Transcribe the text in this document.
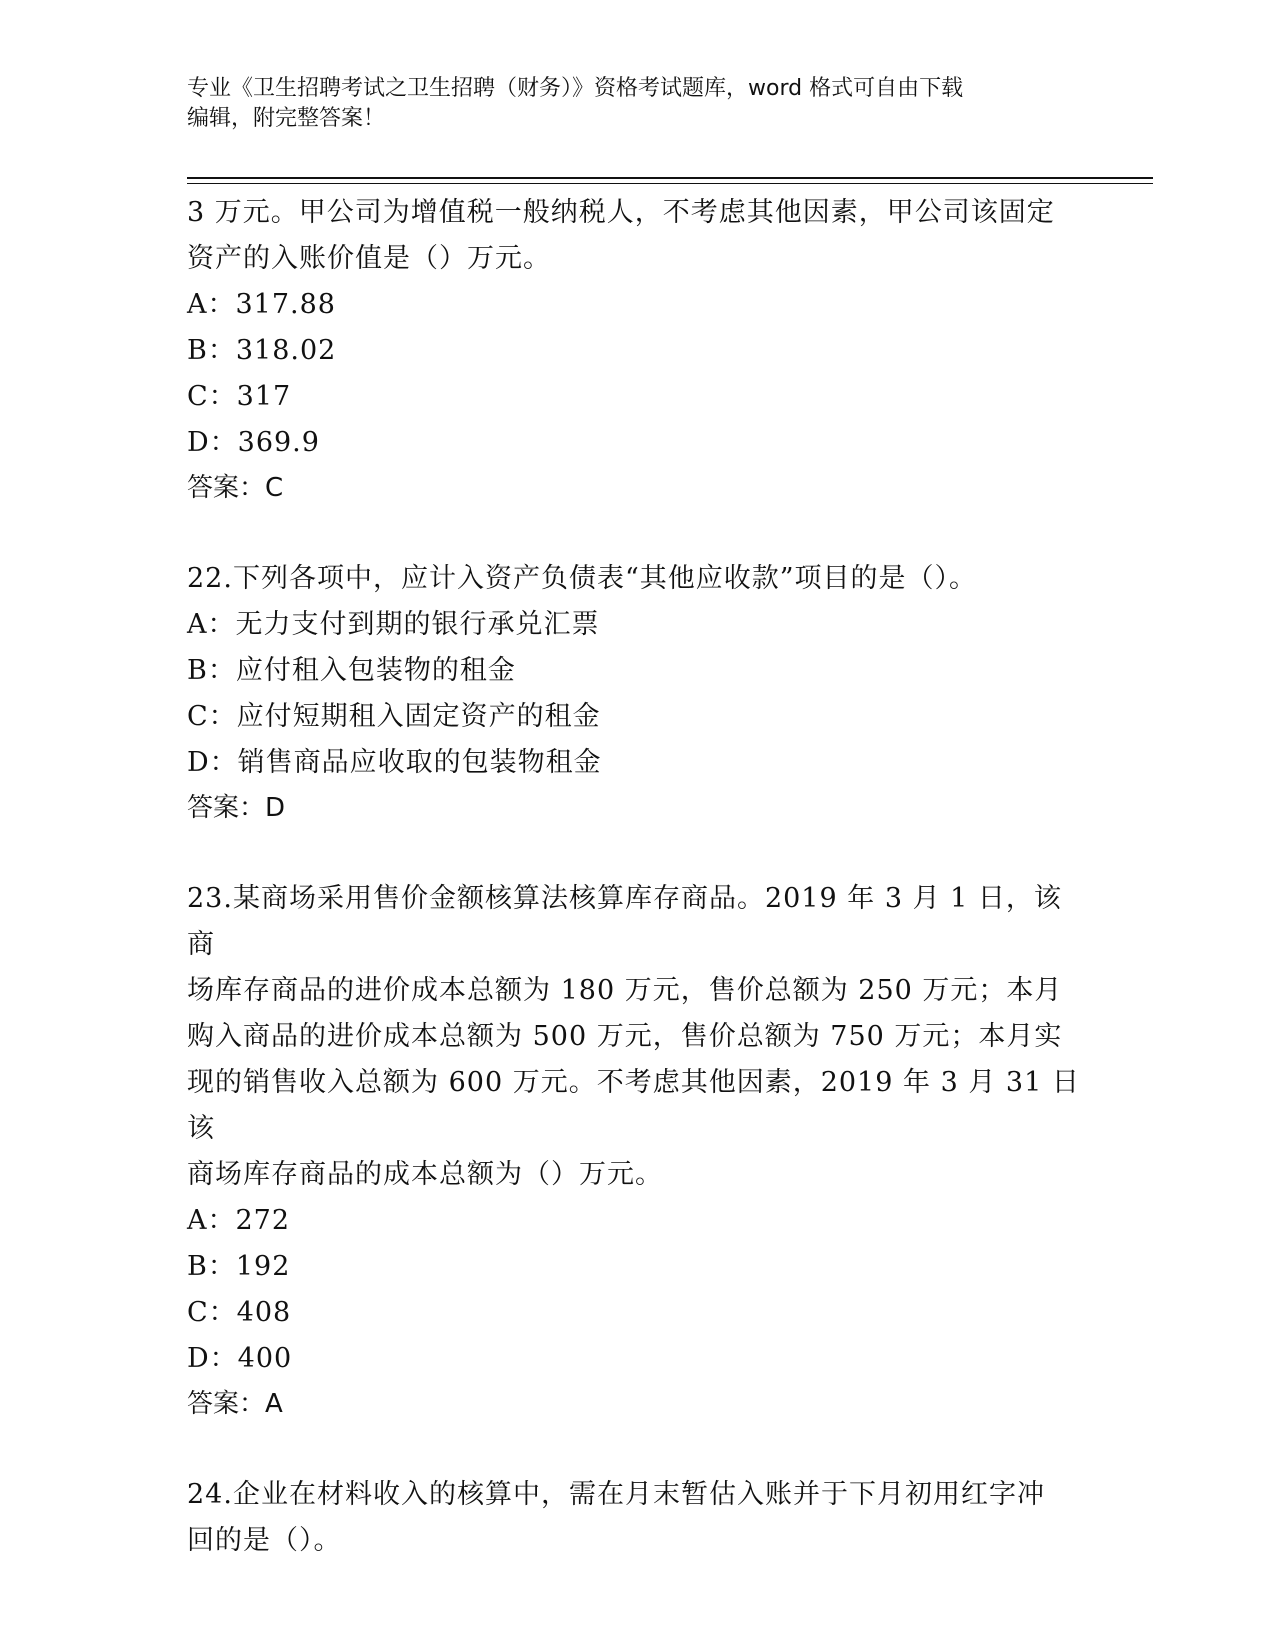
专业《卫生招聘考试之卫生招聘（财务）》资格考试题库，word 格式可自由下载
编辑，附完整答案！

3 万元。甲公司为增值税一般纳税人，不考虑其他因素，甲公司该固定

资产的入账价值是（）万元。

A：317.88

B：318.02

C：317

D：369.9

答案：C

22.下列各项中，应计入资产负债表“其他应收款”项目的是（）。

A：无力支付到期的银行承兑汇票

B：应付租入包装物的租金

C：应付短期租入固定资产的租金

D：销售商品应收取的包装物租金

答案：D

23.某商场采用售价金额核算法核算库存商品。2019 年 3 月 1 日，该商

场库存商品的进价成本总额为 180 万元，售价总额为 250 万元；本月

购入商品的进价成本总额为 500 万元，售价总额为 750 万元；本月实

现的销售收入总额为 600 万元。不考虑其他因素，2019 年 3 月 31 日该

商场库存商品的成本总额为（）万元。

A：272

B：192

C：408

D：400

答案：A

24.企业在材料收入的核算中，需在月末暂估入账并于下月初用红字冲

回的是（）。
